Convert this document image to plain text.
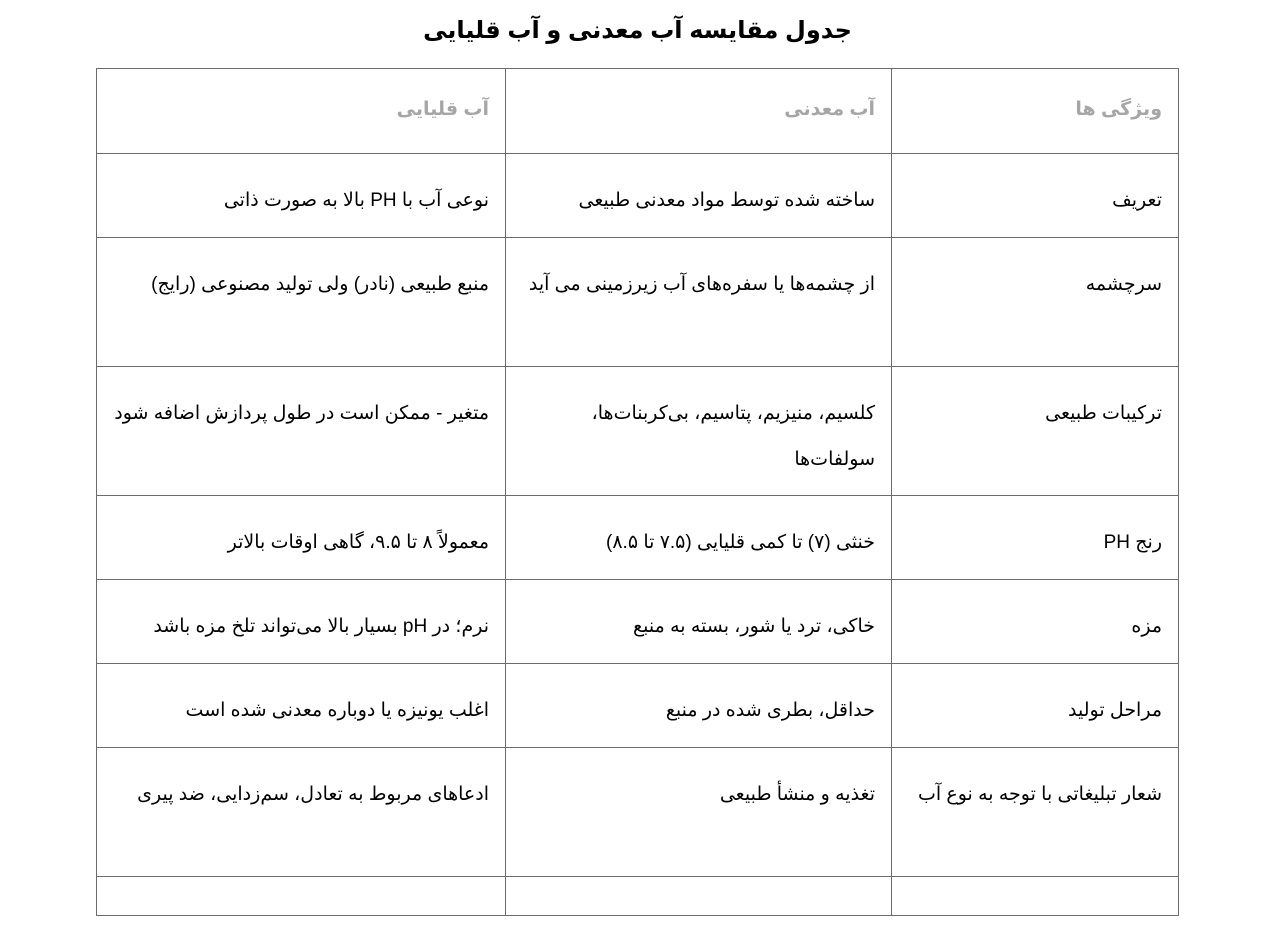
جدول مقایسه آب معدنی و آب قلیایی
ویژگی ها	آب معدنی	آب قلیایی
تعریف	ساخته شده توسط مواد معدنی طبیعی	نوعی آب با PH بالا به صورت ذاتی
سرچشمه	از چشمه‌ها یا سفره‌های آب زیرزمینی می آید	منبع طبیعی (نادر) ولی تولید مصنوعی (رایج)
ترکیبات طبیعی	کلسیم، منیزیم، پتاسیم، بی‌کربنات‌ها، سولفات‌ها	متغیر - ممکن است در طول پردازش اضافه شود
رنج PH	خنثی (۷) تا کمی قلیایی (۷.۵ تا ۸.۵)	معمولاً ۸ تا ۹.۵، گاهی اوقات بالاتر
مزه	خاکی، ترد یا شور، بسته به منبع	نرم؛ در pH بسیار بالا می‌تواند تلخ مزه باشد
مراحل تولید	حداقل، بطری شده در منبع	اغلب یونیزه یا دوباره معدنی شده است
شعار تبلیغاتی با توجه به نوع آب	تغذیه و منشأ طبیعی	ادعاهای مربوط به تعادل، سم‌زدایی، ضد پیری
